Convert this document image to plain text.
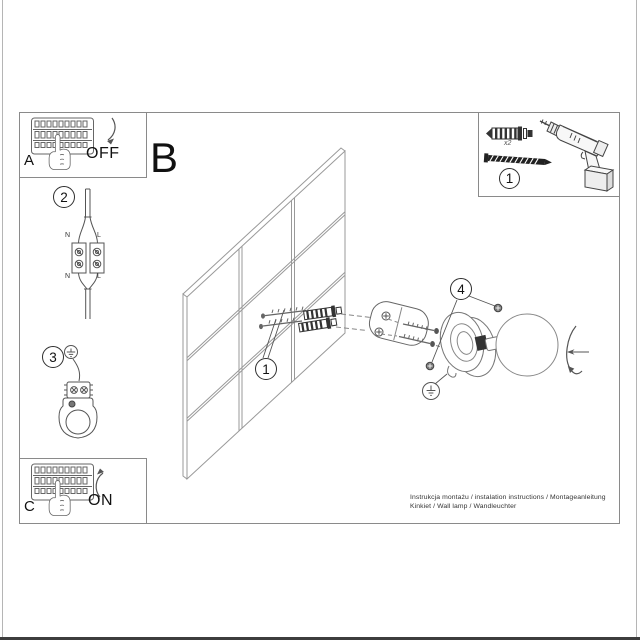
A	OFF B
C	ON
2
3
1
4
1
x2
N	L
N	L
Instrukcja montażu / instalation instructions / Montageanleitung
Kinkiet / Wall lamp / Wandleuchter
